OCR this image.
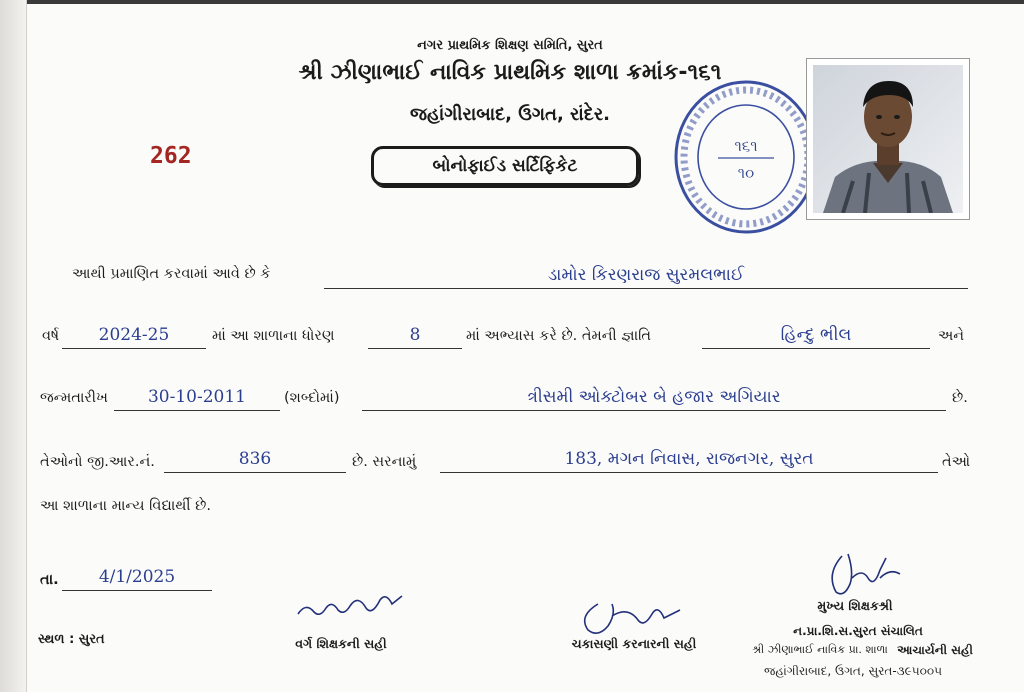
નગર પ્રાથમિક શિક્ષણ સમિતિ, સુરત
શ્રી ઝીણાભાઈ નાવિક પ્રાથમિક શાળા ક્રમાંક-૧૬૧
જહાંગીરાબાદ, ઉગત, રાંદેર.
262	બોનોફાઈડ સર્ટિફિકેટ
૧૬૧
૧૦
આથી પ્રમાણિત કરવામાં આવે છે કે	ડામોર કિરણરાજ સુરમલભાઈ
વર્ષ	2024-25	માં આ શાળાના ધોરણ	8	માં અભ્યાસ કરે છે. તેમની જ્ઞાતિ	હિન્દુ ભીલ	અને
જન્મતારીખ	30-10-2011	(શબ્દોમાં)	ત્રીસમી ઓક્ટોબર બે હજાર અગિયાર	છે.
તેઓનો જી.આર.નં.	836	છે. સરનામું	183, મગન નિવાસ, રાજનગર, સુરત	તેઓ
આ શાળાના માન્ય વિદ્યાર્થી છે.
તા.	4/1/2025
સ્થળ : સુરત	વર્ગ શિક્ષકની સહી	ચકાસણી કરનારની સહી
મુખ્ય શિક્ષકશ્રી
ન.પ્રા.શિ.સ.સુરત સંચાલિત
શ્રી ઝીણાભાઈ નાવિક પ્રા. શાળા આચાર્યની સહી
જહાંગીરાબાદ, ઉગત, સુરત-૩૯૫૦૦૫
